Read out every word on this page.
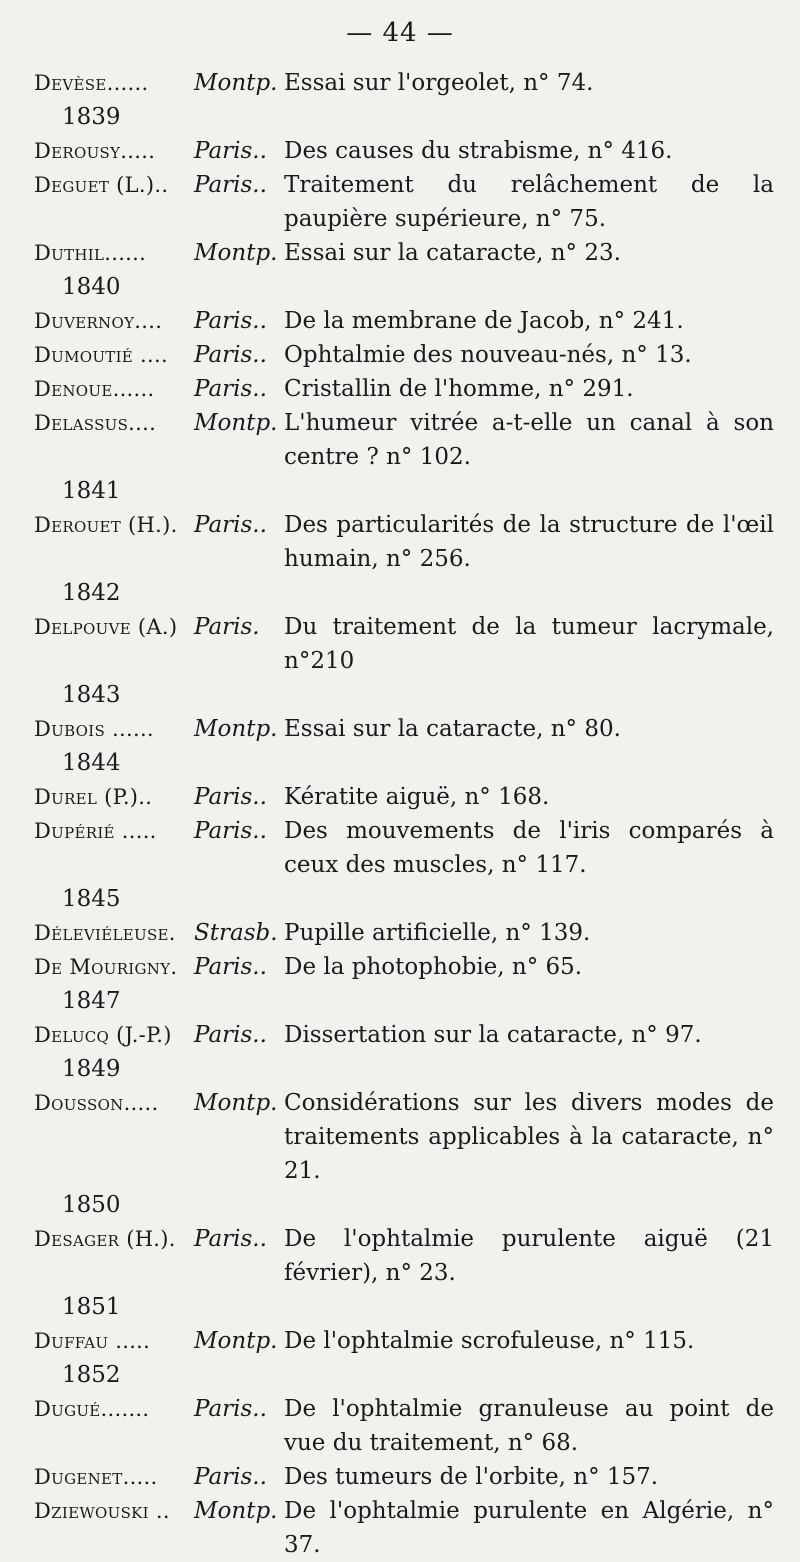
— 44 —
Devèse......	Montp. Essai sur l'orgeolet, n° 74.
1839
Derousy.....	Paris.. Des causes du strabisme, n° 416.
Deguet (L.)..	Paris.. Traitement du relâchement de la paupière supérieure, n° 75.
Duthil......	Montp. Essai sur la cataracte, n° 23.
1840
Duvernoy....	Paris.. De la membrane de Jacob, n° 241.
Dumoutié ....	Paris.. Ophtalmie des nouveau-nés, n° 13.
Denoue......	Paris.. Cristallin de l'homme, n° 291.
Delassus....	Montp. L'humeur vitrée a-t-elle un canal à son centre ? n° 102.
1841
Derouet (H.). Paris.. Des particularités de la structure de l'œil humain, n° 256.
1842
Delpouve (A.) Paris.	Du traitement de la tumeur lacrymale, n°210
1843
Dubois ......	Montp. Essai sur la cataracte, n° 80.
1844
Durel (P.)..	Paris.. Kératite aiguë, n° 168.
Dupérié .....	Paris.. Des mouvements de l'iris comparés à ceux des muscles, n° 117.
1845
Déleviéleuse. Strasb. Pupille artificielle, n° 139.
De Mourigny. Paris.. De la photophobie, n° 65.
1847
Delucq (J.-P.) Paris.. Dissertation sur la cataracte, n° 97.
1849
Dousson.....	Montp. Considérations sur les divers modes de traitements applicables à la cataracte, n° 21.
1850
Desager (H.). Paris.. De l'ophtalmie purulente aiguë (21 février), n° 23.
1851
Duffau .....	Montp. De l'ophtalmie scrofuleuse, n° 115.
1852
Dugué.......	Paris.. De l'ophtalmie granuleuse au point de vue du traitement, n° 68.
Dugenet.....	Paris.. Des tumeurs de l'orbite, n° 157.
Dziewouski ..	Montp. De l'ophtalmie purulente en Algérie, n° 37.
